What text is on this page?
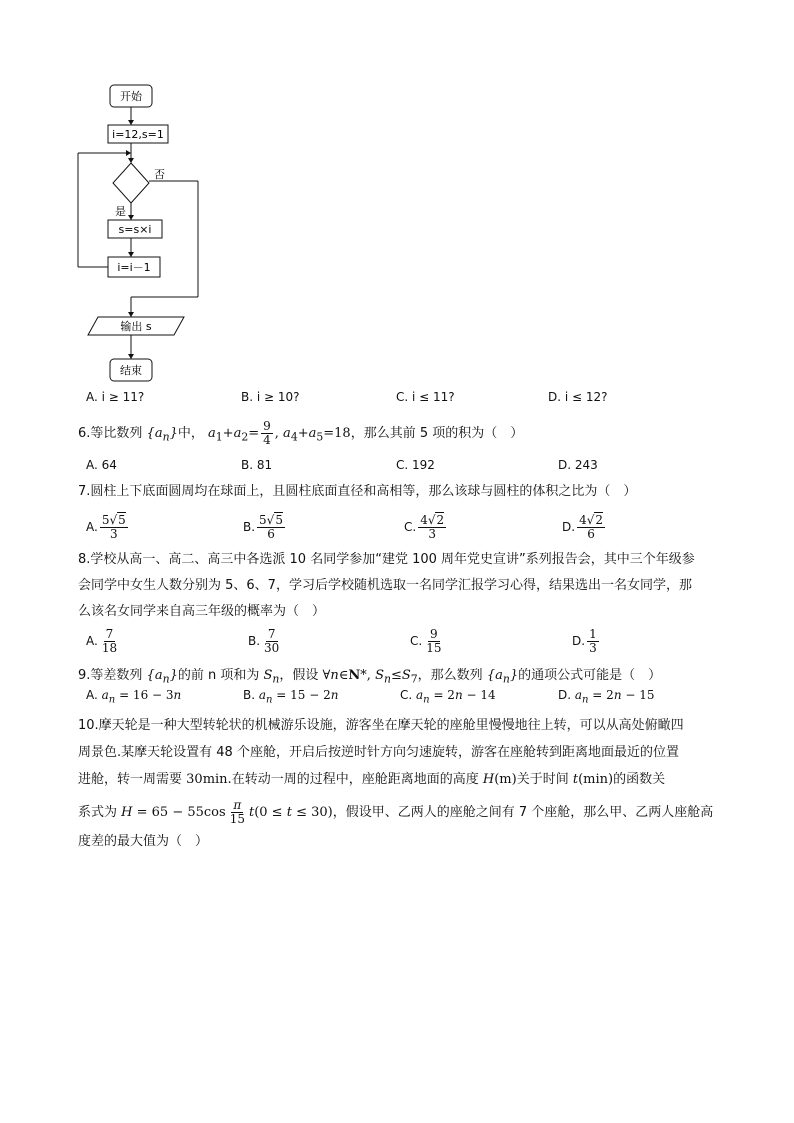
开始
i=12,s=1
否
是
s=s×i
i=i－1
输出 s
结束
A. i ≥ 11?	B. i ≥ 10?	C. i ≤ 11?	D. i ≤ 12?
6.等比数列 $\{a_n\}$中， $a_1+a_2= \frac{9}{4}$ , $a_4+a_5=18$，那么其前 5 项的积为（　）
A. 64	B. 81	C. 192	D. 243
7.圆柱上下底面圆周均在球面上，且圆柱底面直径和高相等，那么该球与圆柱的体积之比为（　）
A. $\frac{5√5}{3}$	B. $\frac{5√5}{6}$	C. $\frac{4√2}{3}$	D. $\frac{4√2}{6}$
8.学校从高一、高二、高三中各选派 10 名同学参加“建党 100 周年党史宣讲”系列报告会，其中三个年级参
会同学中女生人数分别为 5、6、7，学习后学校随机选取一名同学汇报学习心得，结果选出一名女同学，那
么该名女同学来自高三年级的概率为（　）
A. $\frac{7}{18}$	B. $\frac{7}{30}$	C. $\frac{9}{15}$	D. $\frac{1}{3}$
9.等差数列 $\{a_n\}$的前 n 项和为 $S_n$，假设 ∀n∈N*, $S_n\le S_7$，那么数列 $\{a_n\}$的通项公式可能是（　）
A. $a_n = 16 - 3n$	B. $a_n = 15 - 2n$	C. $a_n = 2n - 14$	D. $a_n = 2n - 15$
10.摩天轮是一种大型转轮状的机械游乐设施，游客坐在摩天轮的座舱里慢慢地往上转，可以从高处俯瞰四
周景色.某摩天轮设置有 48 个座舱，开启后按逆时针方向匀速旋转，游客在座舱转到距离地面最近的位置
进舱，转一周需要 30min.在转动一周的过程中，座舱距离地面的高度 H(m)关于时间 t(min)的函数关
系式为 $H = 65 - 55\cos \frac{\pi}{15} t(0 \le t \le 30)$，假设甲、乙两人的座舱之间有 7 个座舱，那么甲、乙两人座舱高
度差的最大值为（　）
